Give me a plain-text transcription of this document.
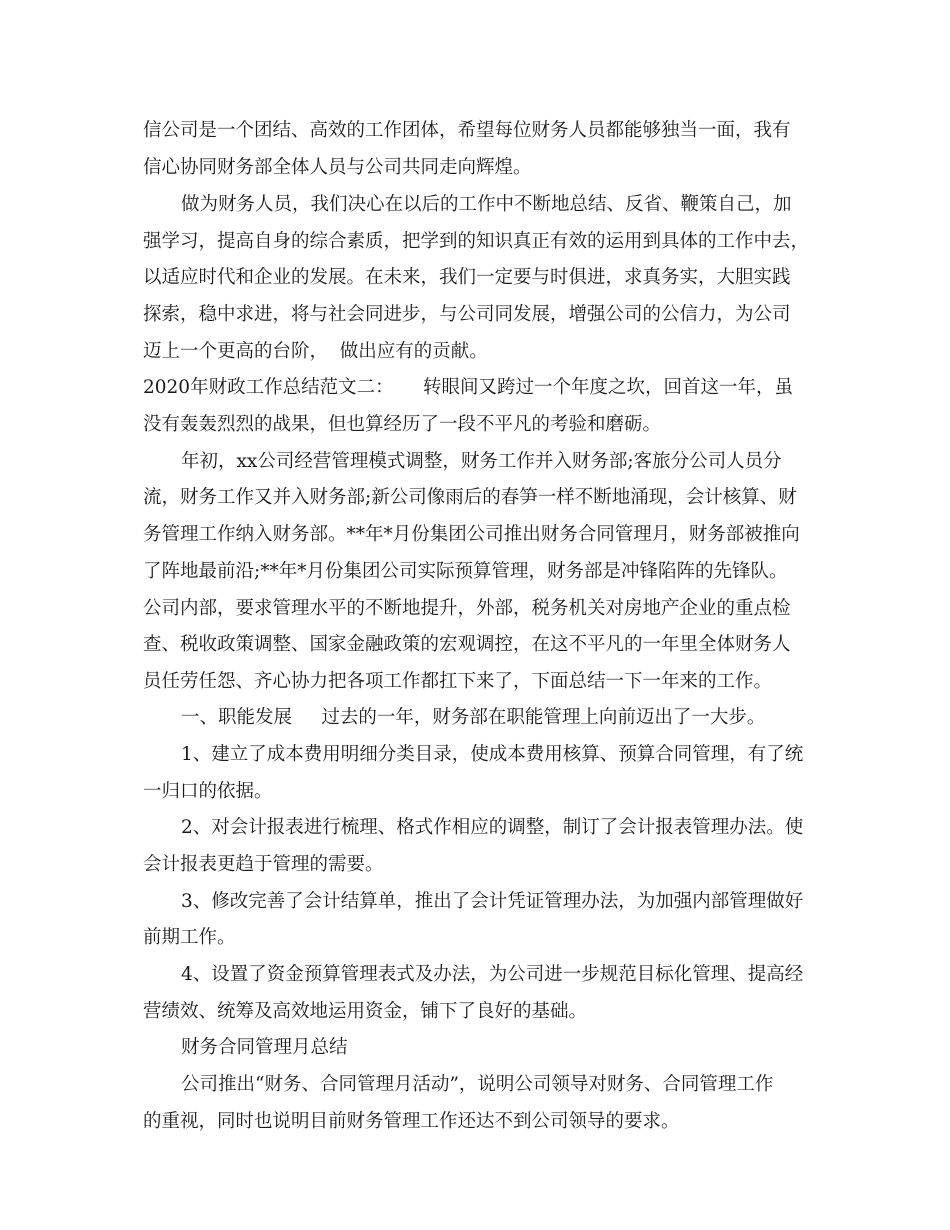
信公司是一个团结、高效的工作团体，希望每位财务人员都能够独当一面，我有
信心协同财务部全体人员与公司共同走向辉煌。
做为财务人员，我们决心在以后的工作中不断地总结、反省、鞭策自己，加
强学习，提高自身的综合素质，把学到的知识真正有效的运用到具体的工作中去，
以适应时代和企业的发展。在未来，我们一定要与时俱进，求真务实，大胆实践
探索，稳中求进，将与社会同进步，与公司同发展，增强公司的公信力，为公司
迈上一个更高的台阶，  做出应有的贡献。
2020年财政工作总结范文二：     转眼间又跨过一个年度之坎，回首这一年，虽
没有轰轰烈烈的战果，但也算经历了一段不平凡的考验和磨砺。
年初，xx公司经营管理模式调整，财务工作并入财务部;客旅分公司人员分
流，财务工作又并入财务部;新公司像雨后的春笋一样不断地涌现，会计核算、财
务管理工作纳入财务部。**年*月份集团公司推出财务合同管理月，财务部被推向
了阵地最前沿;**年*月份集团公司实际预算管理，财务部是冲锋陷阵的先锋队。
公司内部，要求管理水平的不断地提升，外部，税务机关对房地产企业的重点检
查、税收政策调整、国家金融政策的宏观调控，在这不平凡的一年里全体财务人
员任劳任怨、齐心协力把各项工作都扛下来了，下面总结一下一年来的工作。
一、职能发展     过去的一年，财务部在职能管理上向前迈出了一大步。
1、建立了成本费用明细分类目录，使成本费用核算、预算合同管理，有了统
一归口的依据。
2、对会计报表进行梳理、格式作相应的调整，制订了会计报表管理办法。使
会计报表更趋于管理的需要。
3、修改完善了会计结算单，推出了会计凭证管理办法，为加强内部管理做好
前期工作。
4、设置了资金预算管理表式及办法，为公司进一步规范目标化管理、提高经
营绩效、统筹及高效地运用资金，铺下了良好的基础。
财务合同管理月总结
公司推出“财务、合同管理月活动”，说明公司领导对财务、合同管理工作
的重视，同时也说明目前财务管理工作还达不到公司领导的要求。
